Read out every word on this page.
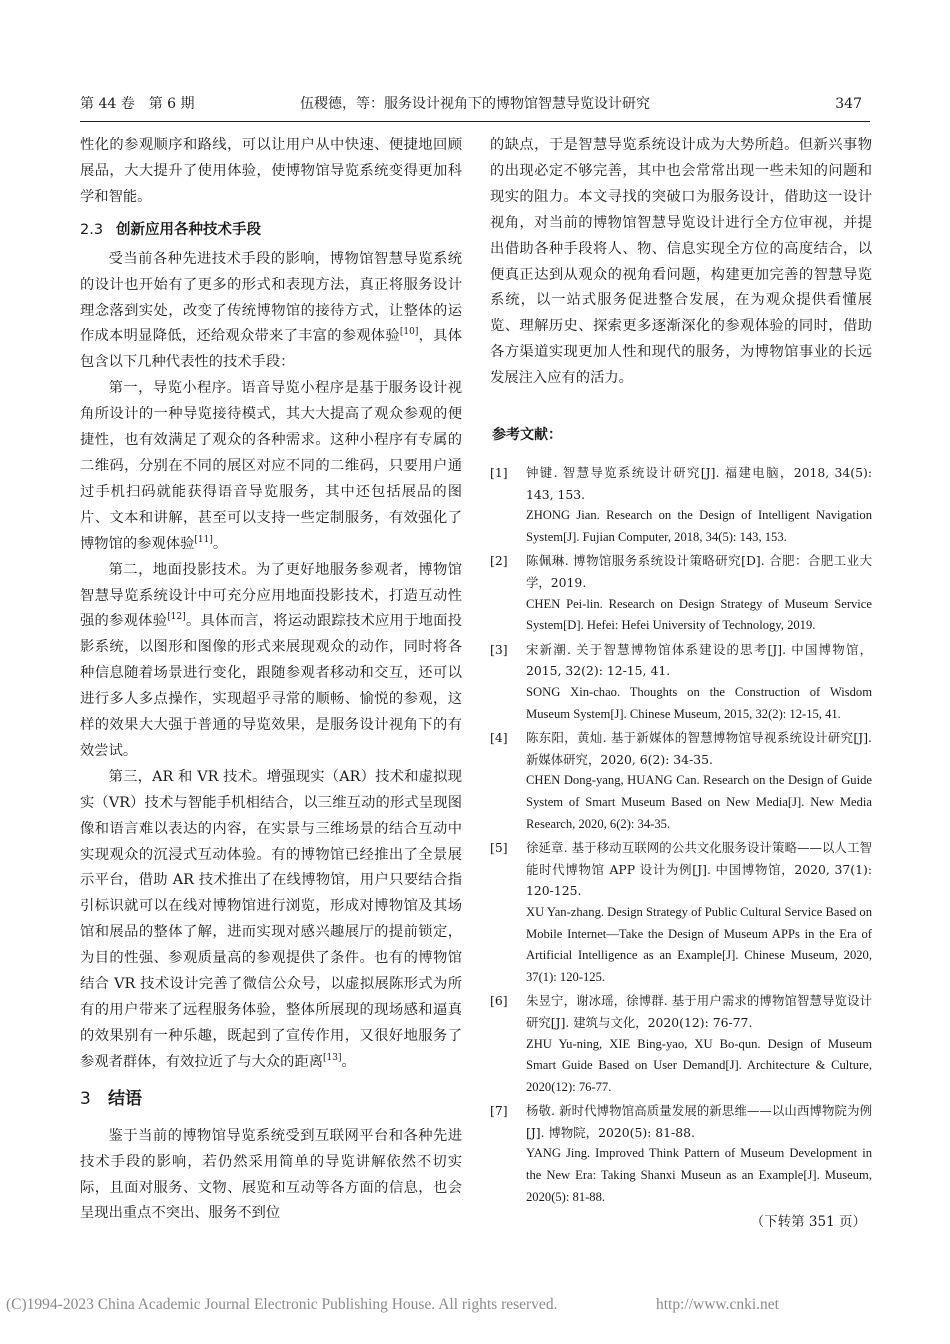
第 44 卷　第 6 期	伍稷德，等：服务设计视角下的博物馆智慧导览设计研究	347

性化的参观顺序和路线，可以让用户从中快速、便捷地回顾展品，大大提升了使用体验，使博物馆导览系统变得更加科学和智能。

2.3 创新应用各种技术手段

受当前各种先进技术手段的影响，博物馆智慧导览系统的设计也开始有了更多的形式和表现方法，真正将服务设计理念落到实处，改变了传统博物馆的接待方式，让整体的运作成本明显降低，还给观众带来了丰富的参观体验[10]，具体包含以下几种代表性的技术手段：

第一，导览小程序。语音导览小程序是基于服务设计视角所设计的一种导览接待模式，其大大提高了观众参观的便捷性，也有效满足了观众的各种需求。这种小程序有专属的二维码，分别在不同的展区对应不同的二维码，只要用户通过手机扫码就能获得语音导览服务，其中还包括展品的图片、文本和讲解，甚至可以支持一些定制服务，有效强化了博物馆的参观体验[11]。

第二，地面投影技术。为了更好地服务参观者，博物馆智慧导览系统设计中可充分应用地面投影技术，打造互动性强的参观体验[12]。具体而言，将运动跟踪技术应用于地面投影系统，以图形和图像的形式来展现观众的动作，同时将各种信息随着场景进行变化，跟随参观者移动和交互，还可以进行多人多点操作，实现超乎寻常的顺畅、愉悦的参观，这样的效果大大强于普通的导览效果，是服务设计视角下的有效尝试。

第三，AR 和 VR 技术。增强现实（AR）技术和虚拟现实（VR）技术与智能手机相结合，以三维互动的形式呈现图像和语言难以表达的内容，在实景与三维场景的结合互动中实现观众的沉浸式互动体验。有的博物馆已经推出了全景展示平台，借助 AR 技术推出了在线博物馆，用户只要结合指引标识就可以在线对博物馆进行浏览，形成对博物馆及其场馆和展品的整体了解，进而实现对感兴趣展厅的提前锁定，为目的性强、参观质量高的参观提供了条件。也有的博物馆结合 VR 技术设计完善了微信公众号，以虚拟展陈形式为所有的用户带来了远程服务体验，整体所展现的现场感和逼真的效果别有一种乐趣，既起到了宣传作用，又很好地服务了参观者群体，有效拉近了与大众的距离[13]。

3 结语

鉴于当前的博物馆导览系统受到互联网平台和各种先进技术手段的影响，若仍然采用简单的导览讲解依然不切实际，且面对服务、文物、展览和互动等各方面的信息，也会呈现出重点不突出、服务不到位

的缺点，于是智慧导览系统设计成为大势所趋。但新兴事物的出现必定不够完善，其中也会常常出现一些未知的问题和现实的阻力。本文寻找的突破口为服务设计，借助这一设计视角，对当前的博物馆智慧导览设计进行全方位审视，并提出借助各种手段将人、物、信息实现全方位的高度结合，以便真正达到从观众的视角看问题，构建更加完善的智慧导览系统，以一站式服务促进整合发展，在为观众提供看懂展览、理解历史、探索更多逐渐深化的参观体验的同时，借助各方渠道实现更加人性和现代的服务，为博物馆事业的长远发展注入应有的活力。

参考文献：
[1] 钟键. 智慧导览系统设计研究[J]. 福建电脑，2018, 34(5): 143, 153.
ZHONG Jian. Research on the Design of Intelligent Navigation System[J]. Fujian Computer, 2018, 34(5): 143, 153.
[2] 陈佩琳. 博物馆服务系统设计策略研究[D]. 合肥：合肥工业大学，2019.
CHEN Pei-lin. Research on Design Strategy of Museum Service System[D]. Hefei: Hefei University of Technology, 2019.
[3] 宋新潮. 关于智慧博物馆体系建设的思考[J]. 中国博物馆，2015, 32(2): 12-15, 41.
SONG Xin-chao. Thoughts on the Construction of Wisdom Museum System[J]. Chinese Museum, 2015, 32(2): 12-15, 41.
[4] 陈东阳，黄灿. 基于新媒体的智慧博物馆导视系统设计研究[J]. 新媒体研究，2020, 6(2): 34-35.
CHEN Dong-yang, HUANG Can. Research on the Design of Guide System of Smart Museum Based on New Media[J]. New Media Research, 2020, 6(2): 34-35.
[5] 徐延章. 基于移动互联网的公共文化服务设计策略——以人工智能时代博物馆 APP 设计为例[J]. 中国博物馆，2020, 37(1): 120-125.
XU Yan-zhang. Design Strategy of Public Cultural Service Based on Mobile Internet—Take the Design of Museum APPs in the Era of Artificial Intelligence as an Example[J]. Chinese Museum, 2020, 37(1): 120-125.
[6] 朱昱宁，谢冰瑶，徐博群. 基于用户需求的博物馆智慧导览设计研究[J]. 建筑与文化，2020(12): 76-77.
ZHU Yu-ning, XIE Bing-yao, XU Bo-qun. Design of Museum Smart Guide Based on User Demand[J]. Architecture & Culture, 2020(12): 76-77.
[7] 杨敬. 新时代博物馆高质量发展的新思维——以山西博物院为例[J]. 博物院，2020(5): 81-88.
YANG Jing. Improved Think Pattern of Museum Development in the New Era: Taking Shanxi Museun as an Example[J]. Museum, 2020(5): 81-88.
（下转第 351 页）
(C)1994-2023 China Academic Journal Electronic Publishing House. All rights reserved.	http://www.cnki.net
